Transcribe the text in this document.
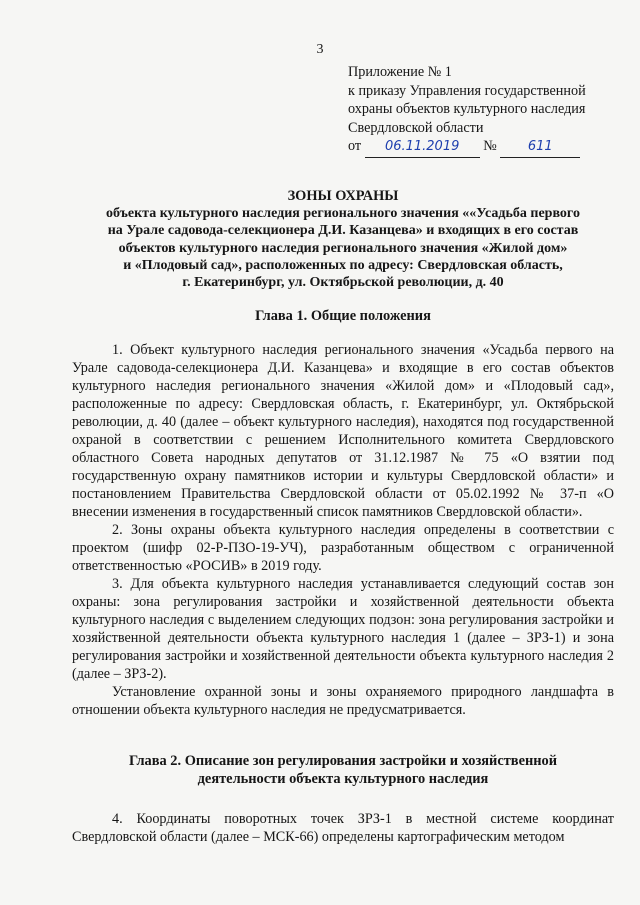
3
Приложение № 1
к приказу Управления государственной
охраны объектов культурного наследия
Свердловской области
от 06.11.2019 № 611
ЗОНЫ ОХРАНЫ
объекта культурного наследия регионального значения ««Усадьба первого
на Урале садовода-селекционера Д.И. Казанцева» и входящих в его состав
объектов культурного наследия регионального значения «Жилой дом»
и «Плодовый сад», расположенных по адресу: Свердловская область,
г. Екатеринбург, ул. Октябрьской революции, д. 40
Глава 1. Общие положения

1. Объект культурного наследия регионального значения «Усадьба первого на Урале садовода-селекционера Д.И. Казанцева» и входящие в его состав объектов культурного наследия регионального значения «Жилой дом» и «Плодовый сад», расположенные по адресу: Свердловская область, г. Екатеринбург, ул. Октябрьской революции, д. 40 (далее – объект культурного наследия), находятся под государственной охраной в соответствии с решением Исполнительного комитета Свердловского областного Совета народных депутатов от 31.12.1987 № 75 «О взятии под государственную охрану памятников истории и культуры Свердловской области» и постановлением Правительства Свердловской области от 05.02.1992 № 37-п «О внесении изменения в государственный список памятников Свердловской области».

2. Зоны охраны объекта культурного наследия определены в соответствии с проектом (шифр 02-Р-ПЗО-19-УЧ), разработанным обществом с ограниченной ответственностью «РОСИВ» в 2019 году.

3. Для объекта культурного наследия устанавливается следующий состав зон охраны: зона регулирования застройки и хозяйственной деятельности объекта культурного наследия с выделением следующих подзон: зона регулирования застройки и хозяйственной деятельности объекта культурного наследия 1 (далее – ЗРЗ-1) и зона регулирования застройки и хозяйственной деятельности объекта культурного наследия 2 (далее – ЗРЗ-2).

Установление охранной зоны и зоны охраняемого природного ландшафта в отношении объекта культурного наследия не предусматривается.

Глава 2. Описание зон регулирования застройки и хозяйственной
деятельности объекта культурного наследия

4. Координаты поворотных точек ЗРЗ-1 в местной системе координат Свердловской области (далее – МСК-66) определены картографическим методом
